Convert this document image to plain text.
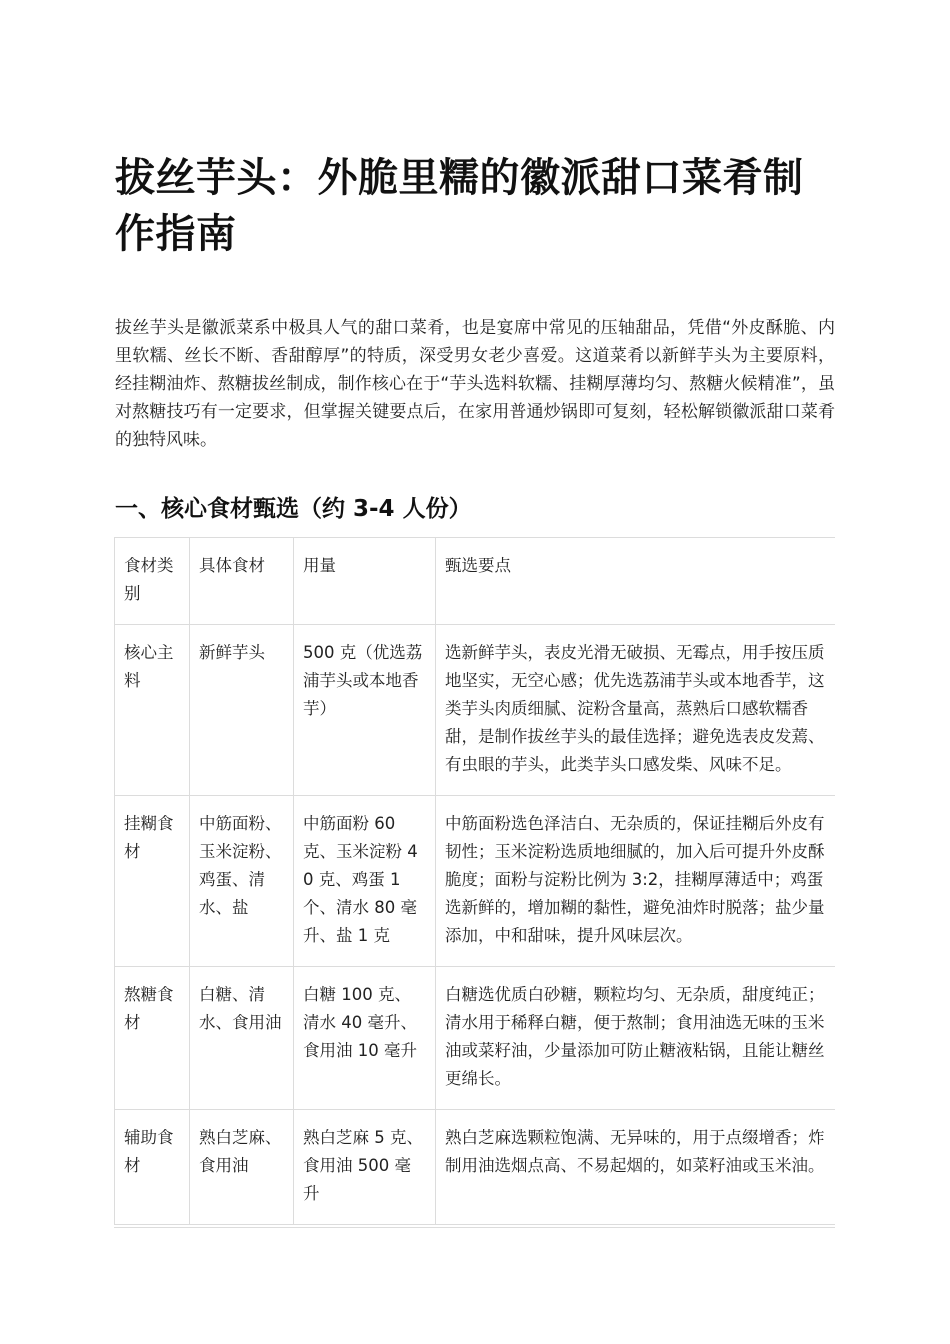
拔丝芋头：外脆里糯的徽派甜口菜肴制作指南

拔丝芋头是徽派菜系中极具人气的甜口菜肴，也是宴席中常见的压轴甜品，凭借“外皮酥脆、内里软糯、丝长不断、香甜醇厚”的特质，深受男女老少喜爱。这道菜肴以新鲜芋头为主要原料，经挂糊油炸、熬糖拔丝制成，制作核心在于“芋头选料软糯、挂糊厚薄均匀、熬糖火候精准”，虽对熬糖技巧有一定要求，但掌握关键要点后，在家用普通炒锅即可复刻，轻松解锁徽派甜口菜肴的独特风味。

一、核心食材甄选（约 3-4 人份）
食材类别	具体食材	用量	甄选要点
核心主料	新鲜芋头	500 克（优选荔浦芋头或本地香芋）	选新鲜芋头，表皮光滑无破损、无霉点，用手按压质地坚实，无空心感；优先选荔浦芋头或本地香芋，这类芋头肉质细腻、淀粉含量高，蒸熟后口感软糯香甜，是制作拔丝芋头的最佳选择；避免选表皮发蔫、有虫眼的芋头，此类芋头口感发柴、风味不足。
挂糊食材	中筋面粉、玉米淀粉、鸡蛋、清水、盐	中筋面粉 60 克、玉米淀粉 40 克、鸡蛋 1 个、清水 80 毫升、盐 1 克	中筋面粉选色泽洁白、无杂质的，保证挂糊后外皮有韧性；玉米淀粉选质地细腻的，加入后可提升外皮酥脆度；面粉与淀粉比例为 3:2，挂糊厚薄适中；鸡蛋选新鲜的，增加糊的黏性，避免油炸时脱落；盐少量添加，中和甜味，提升风味层次。
熬糖食材	白糖、清水、食用油	白糖 100 克、清水 40 毫升、食用油 10 毫升	白糖选优质白砂糖，颗粒均匀、无杂质，甜度纯正；清水用于稀释白糖，便于熬制；食用油选无味的玉米油或菜籽油，少量添加可防止糖液粘锅，且能让糖丝更绵长。
辅助食材	熟白芝麻、食用油	熟白芝麻 5 克、食用油 500 毫升	熟白芝麻选颗粒饱满、无异味的，用于点缀增香；炸制用油选烟点高、不易起烟的，如菜籽油或玉米油。
